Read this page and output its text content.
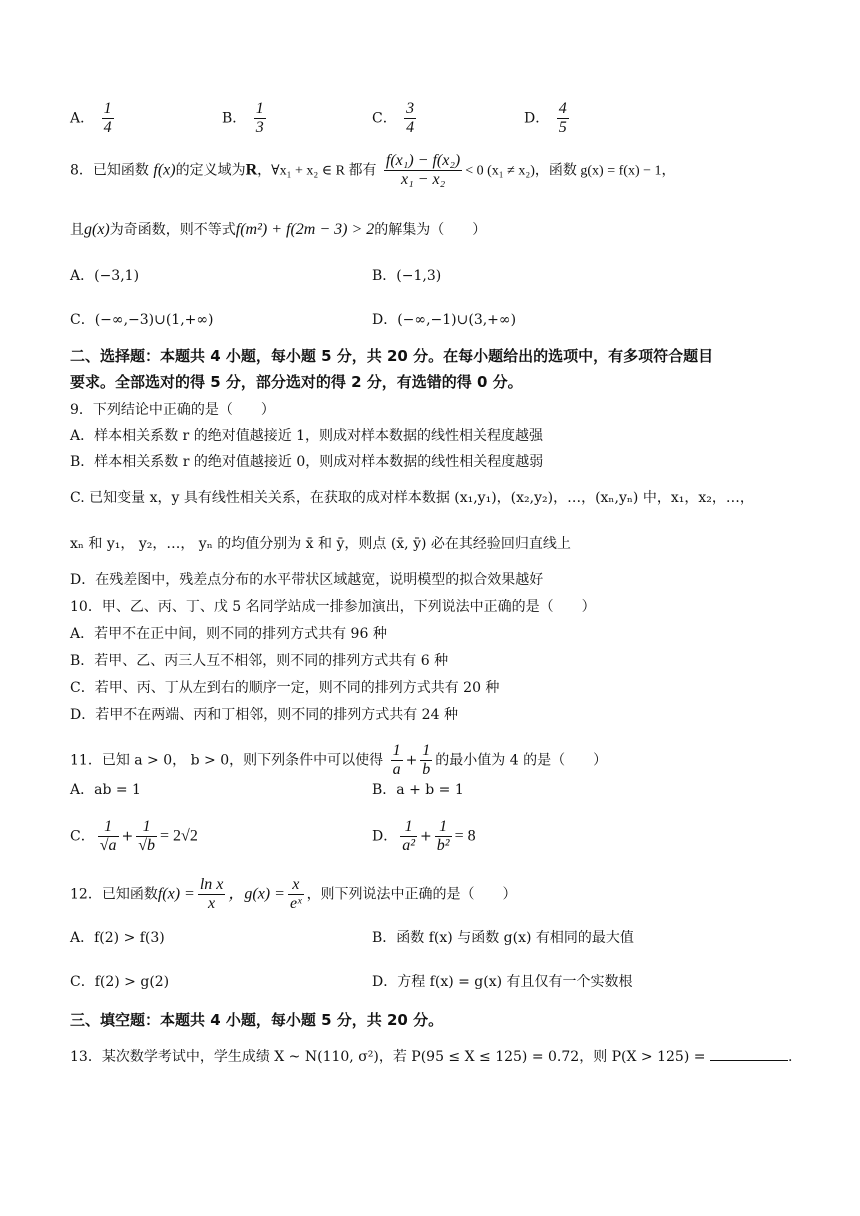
A． $\frac{1}{4}$	B． $\frac{1}{3}$	C． $\frac{3}{4}$	D． $\frac{4}{5}$
8．已知函数 f(x)的定义域为R，∀x₁ + x₂ ∈ R 都有 $\frac{\text{f(x₁) − f(x₂)}}{\text{x₁ − x₂}} < 0$ (x₁ ≠ x₂)，函数 g(x) = f(x) − 1，
且g(x)为奇函数，则不等式f(m²) + f(2m − 3) > 2的解集为（　　）
A．(−3,1)	B．(−1,3)
C．(−∞,−3)∪(1,+∞)	D．(−∞,−1)∪(3,+∞)
二、选择题：本题共 4 小题，每小题 5 分，共 20 分。在每小题给出的选项中，有多项符合题目
要求。全部选对的得 5 分，部分选对的得 2 分，有选错的得 0 分。
9．下列结论中正确的是（　　）
A．样本相关系数 r 的绝对值越接近 1，则成对样本数据的线性相关程度越强
B．样本相关系数 r 的绝对值越接近 0，则成对样本数据的线性相关程度越弱
C. 已知变量 x，y 具有线性相关关系，在获取的成对样本数据 (x₁,y₁)，(x₂,y₂)，…，(xₙ,yₙ) 中，x₁，x₂，…，
xₙ 和 y₁， y₂，…， yₙ 的均值分别为 x̄ 和 ȳ，则点 (x̄, ȳ) 必在其经验回归直线上
D．在残差图中，残差点分布的水平带状区域越宽，说明模型的拟合效果越好
10．甲、乙、丙、丁、戊 5 名同学站成一排参加演出，下列说法中正确的是（　　）
A．若甲不在正中间，则不同的排列方式共有 96 种
B．若甲、乙、丙三人互不相邻，则不同的排列方式共有 6 种
C．若甲、丙、丁从左到右的顺序一定，则不同的排列方式共有 20 种
D．若甲不在两端、丙和丁相邻，则不同的排列方式共有 24 种
11．已知 a > 0， b > 0，则下列条件中可以使得 $\frac{1}{a} + \frac{1}{b}$ 的最小值为 4 的是（　　）
A．ab = 1	B．a + b = 1
C． $\frac{1}{√a} + \frac{1}{√b} = 2√2$	D． $\frac{1}{\text{a²}} + \frac{1}{\text{b²}} = 8$
12．已知函数$f(x) = \frac{\text{ln x}}{x}$ ，$g(x) = \frac{x}{\text{eˣ}}$ ，则下列说法中正确的是（　　）
A．f(2) > f(3)	B．函数 f(x) 与函数 g(x) 有相同的最大值
C．f(2) > g(2)	D．方程 f(x) = g(x) 有且仅有一个实数根
三、填空题：本题共 4 小题，每小题 5 分，共 20 分。
13．某次数学考试中，学生成绩 X ~ N(110, σ²)，若 P(95 ≤ X ≤ 125) = 0.72，则 P(X > 125) =	.
